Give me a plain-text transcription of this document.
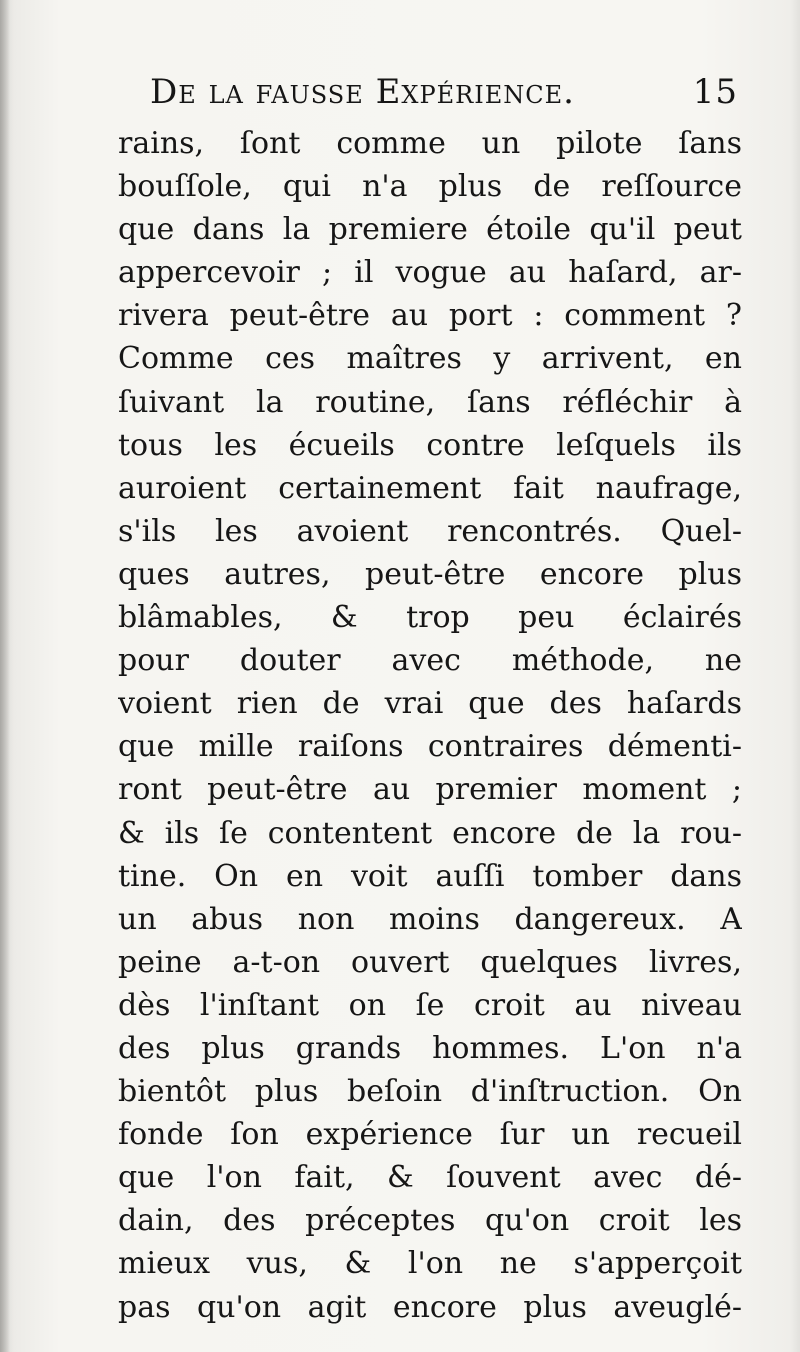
De la fausse Expérience.	15
rains, ſont comme un pilote ſans
bouſſole, qui n'a plus de reſſource
que dans la premiere étoile qu'il peut
appercevoir ; il vogue au haſard, ar-
rivera peut-être au port : comment ?
Comme ces maîtres y arrivent, en
ſuivant la routine, ſans réfléchir à
tous les écueils contre leſquels ils
auroient certainement fait naufrage,
s'ils les avoient rencontrés. Quel-
ques autres, peut-être encore plus
blâmables, & trop peu éclairés
pour douter avec méthode, ne
voient rien de vrai que des haſards
que mille raiſons contraires démenti-
ront peut-être au premier moment ;
& ils ſe contentent encore de la rou-
tine. On en voit auſſi tomber dans
un abus non moins dangereux. A
peine a-t-on ouvert quelques livres,
dès l'inſtant on ſe croit au niveau
des plus grands hommes. L'on n'a
bientôt plus beſoin d'inſtruction. On
fonde ſon expérience ſur un recueil
que l'on fait, & ſouvent avec dé-
dain, des préceptes qu'on croit les
mieux vus, & l'on ne s'apperçoit
pas qu'on agit encore plus aveuglé-
